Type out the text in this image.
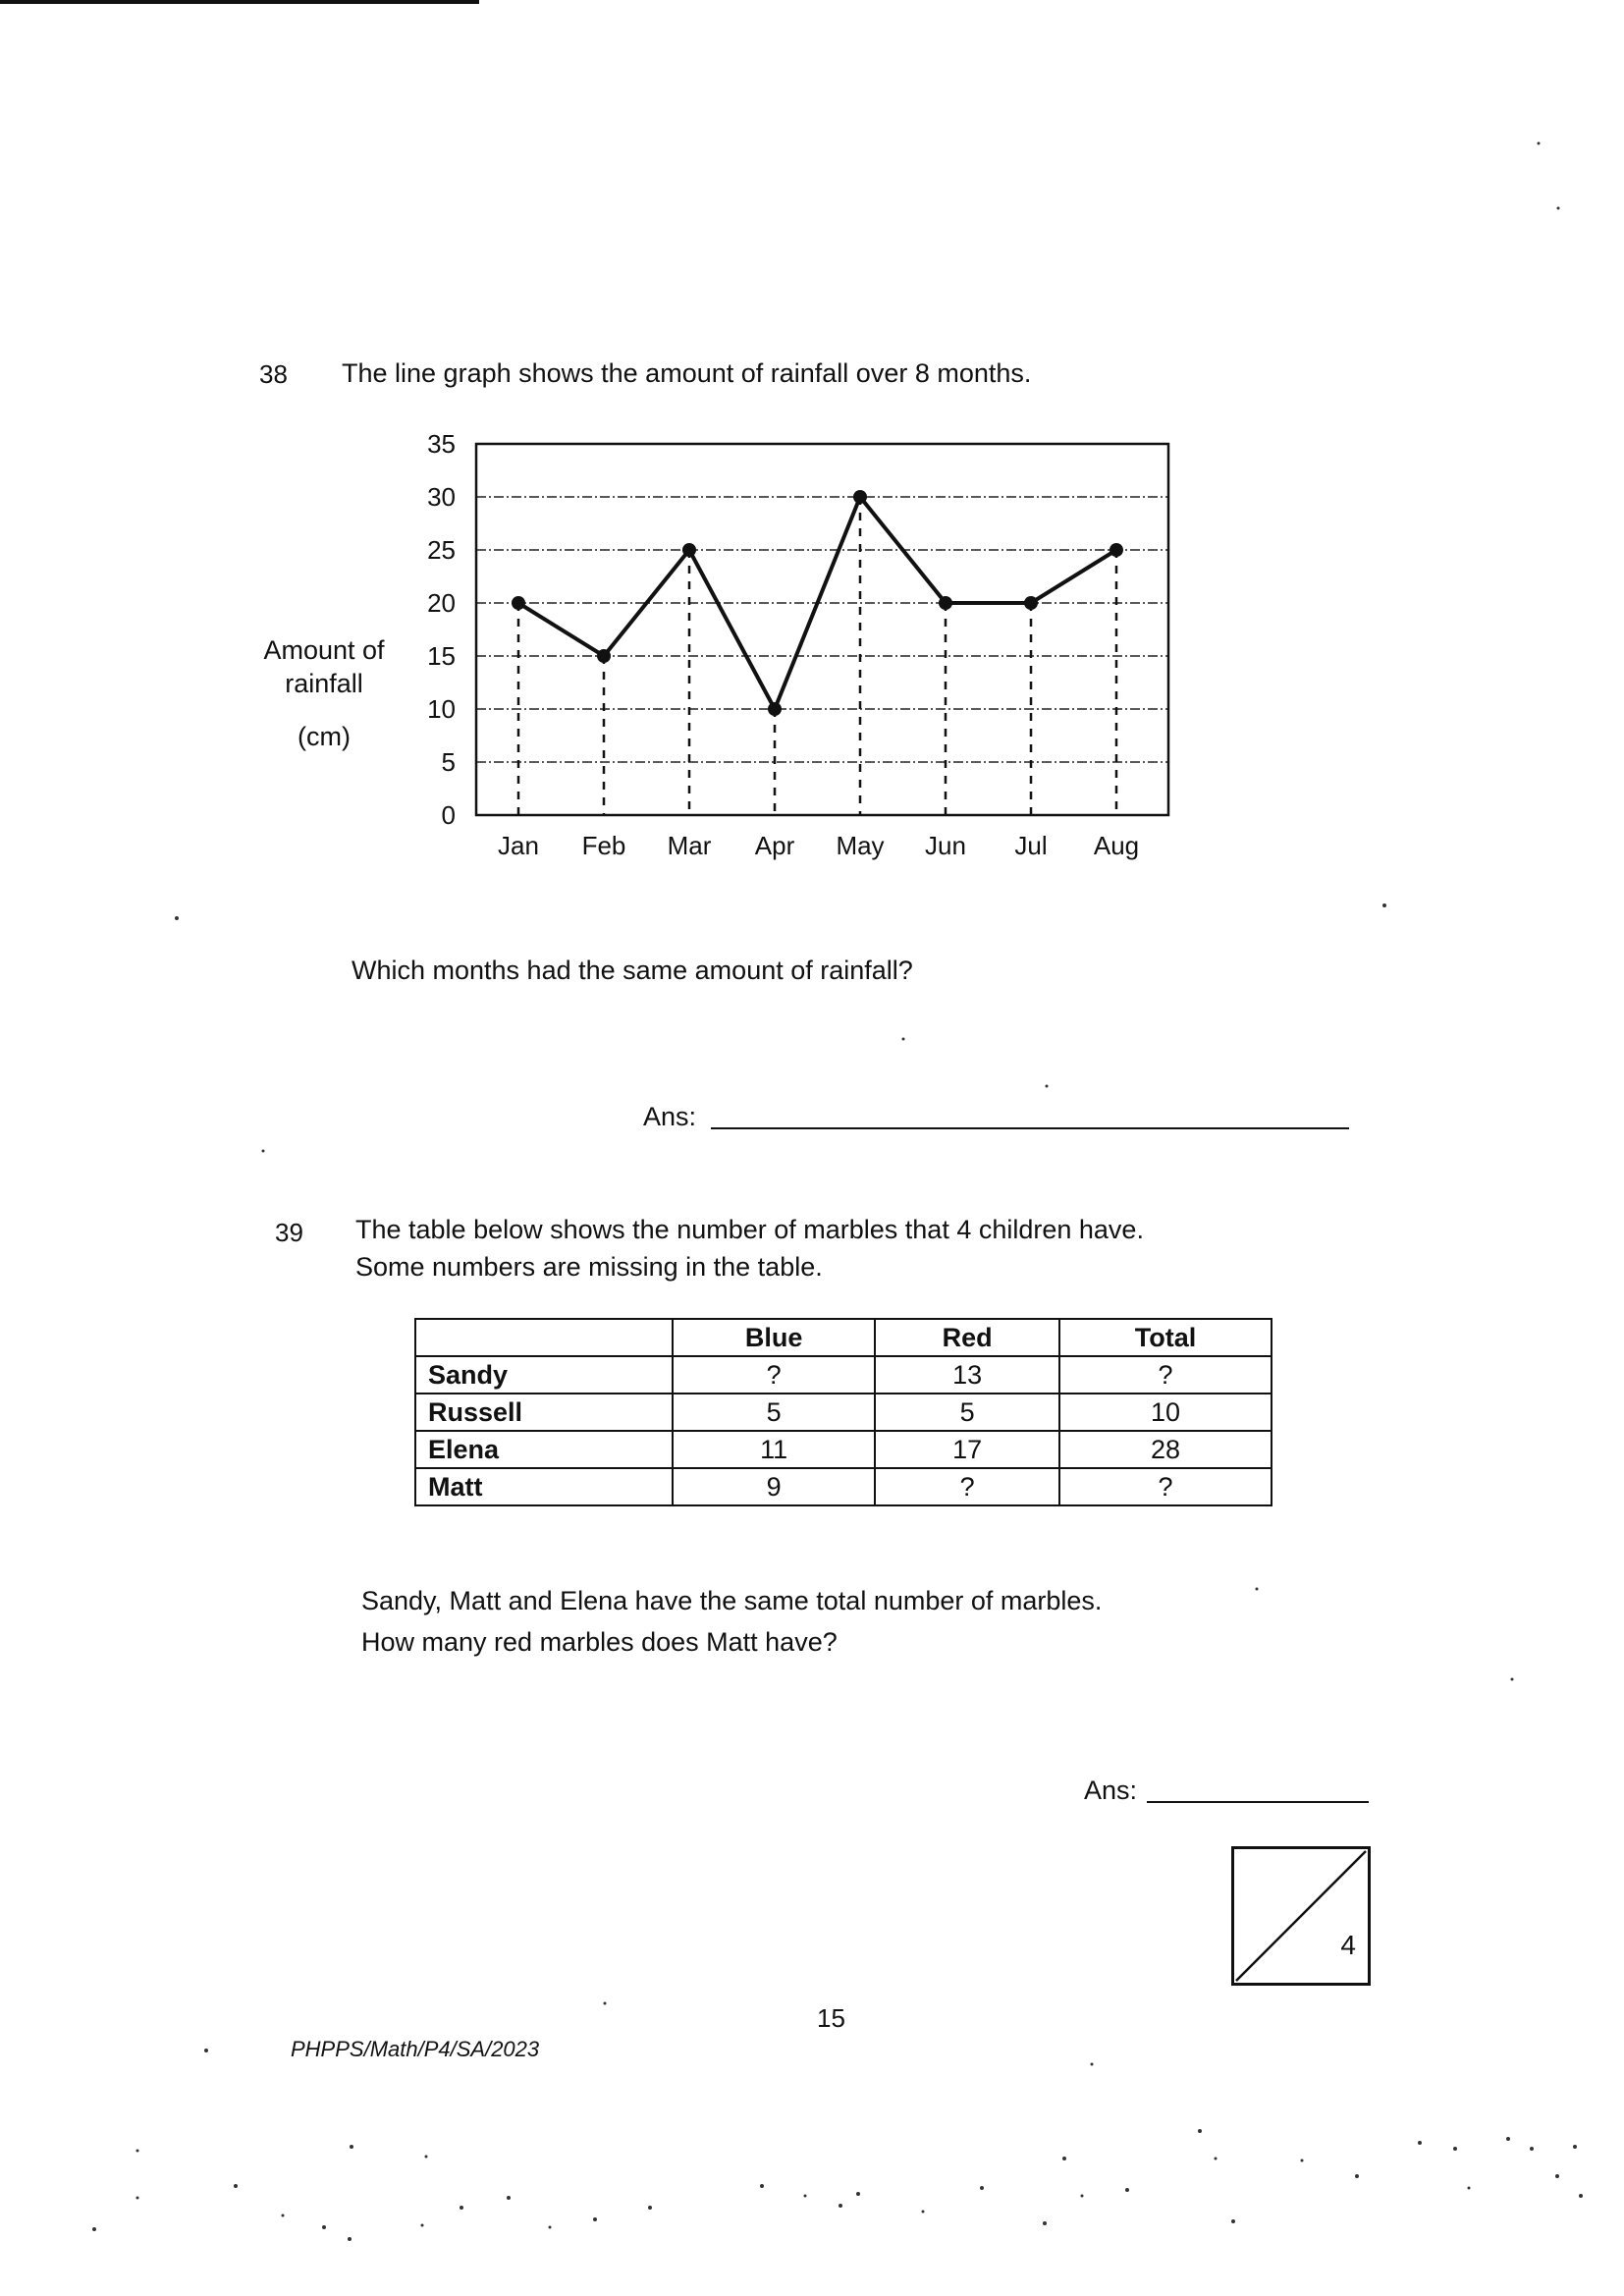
38 The line graph shows the amount of rainfall over 8 months.
Amount of
rainfall
(cm)
0
5
10
15
20
25
30
35
Jan Feb Mar Apr May Jun Jul Aug
Which months had the same amount of rainfall?
Ans:
39 The table below shows the number of marbles that 4 children have.
Some numbers are missing in the table.
	Blue	Red	Total
Sandy	?	13	?
Russell	5	5	10
Elena	11	17	28
Matt	9	?	?
Sandy, Matt and Elena have the same total number of marbles.
How many red marbles does Matt have?
Ans:
4
15
PHPPS/Math/P4/SA/2023
